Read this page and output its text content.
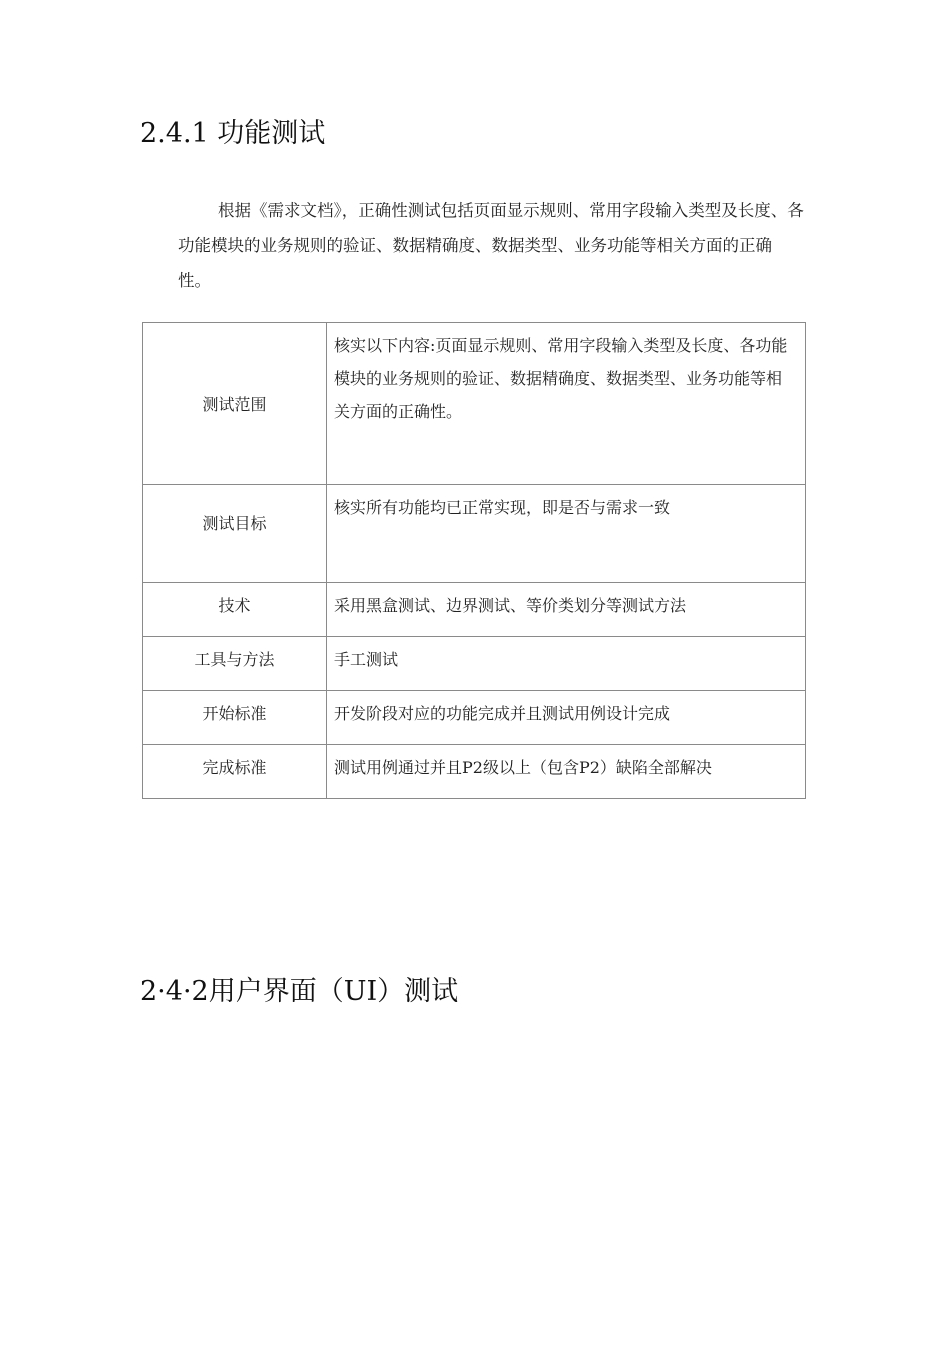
2.4.1 功能测试

根据《需求文档》，正确性测试包括页面显示规则、常用字段输入类型及长度、各功能模块的业务规则的验证、数据精确度、数据类型、业务功能等相关方面的正确性。

测试范围	核实以下内容:页面显示规则、常用字段输入类型及长度、各功能模块的业务规则的验证、数据精确度、数据类型、业务功能等相关方面的正确性。
测试目标	核实所有功能均已正常实现，即是否与需求一致
技术	采用黑盒测试、边界测试、等价类划分等测试方法
工具与方法	手工测试
开始标准	开发阶段对应的功能完成并且测试用例设计完成
完成标准	测试用例通过并且P2级以上（包含P2）缺陷全部解决
2·4·2用户界面（UI）测试
